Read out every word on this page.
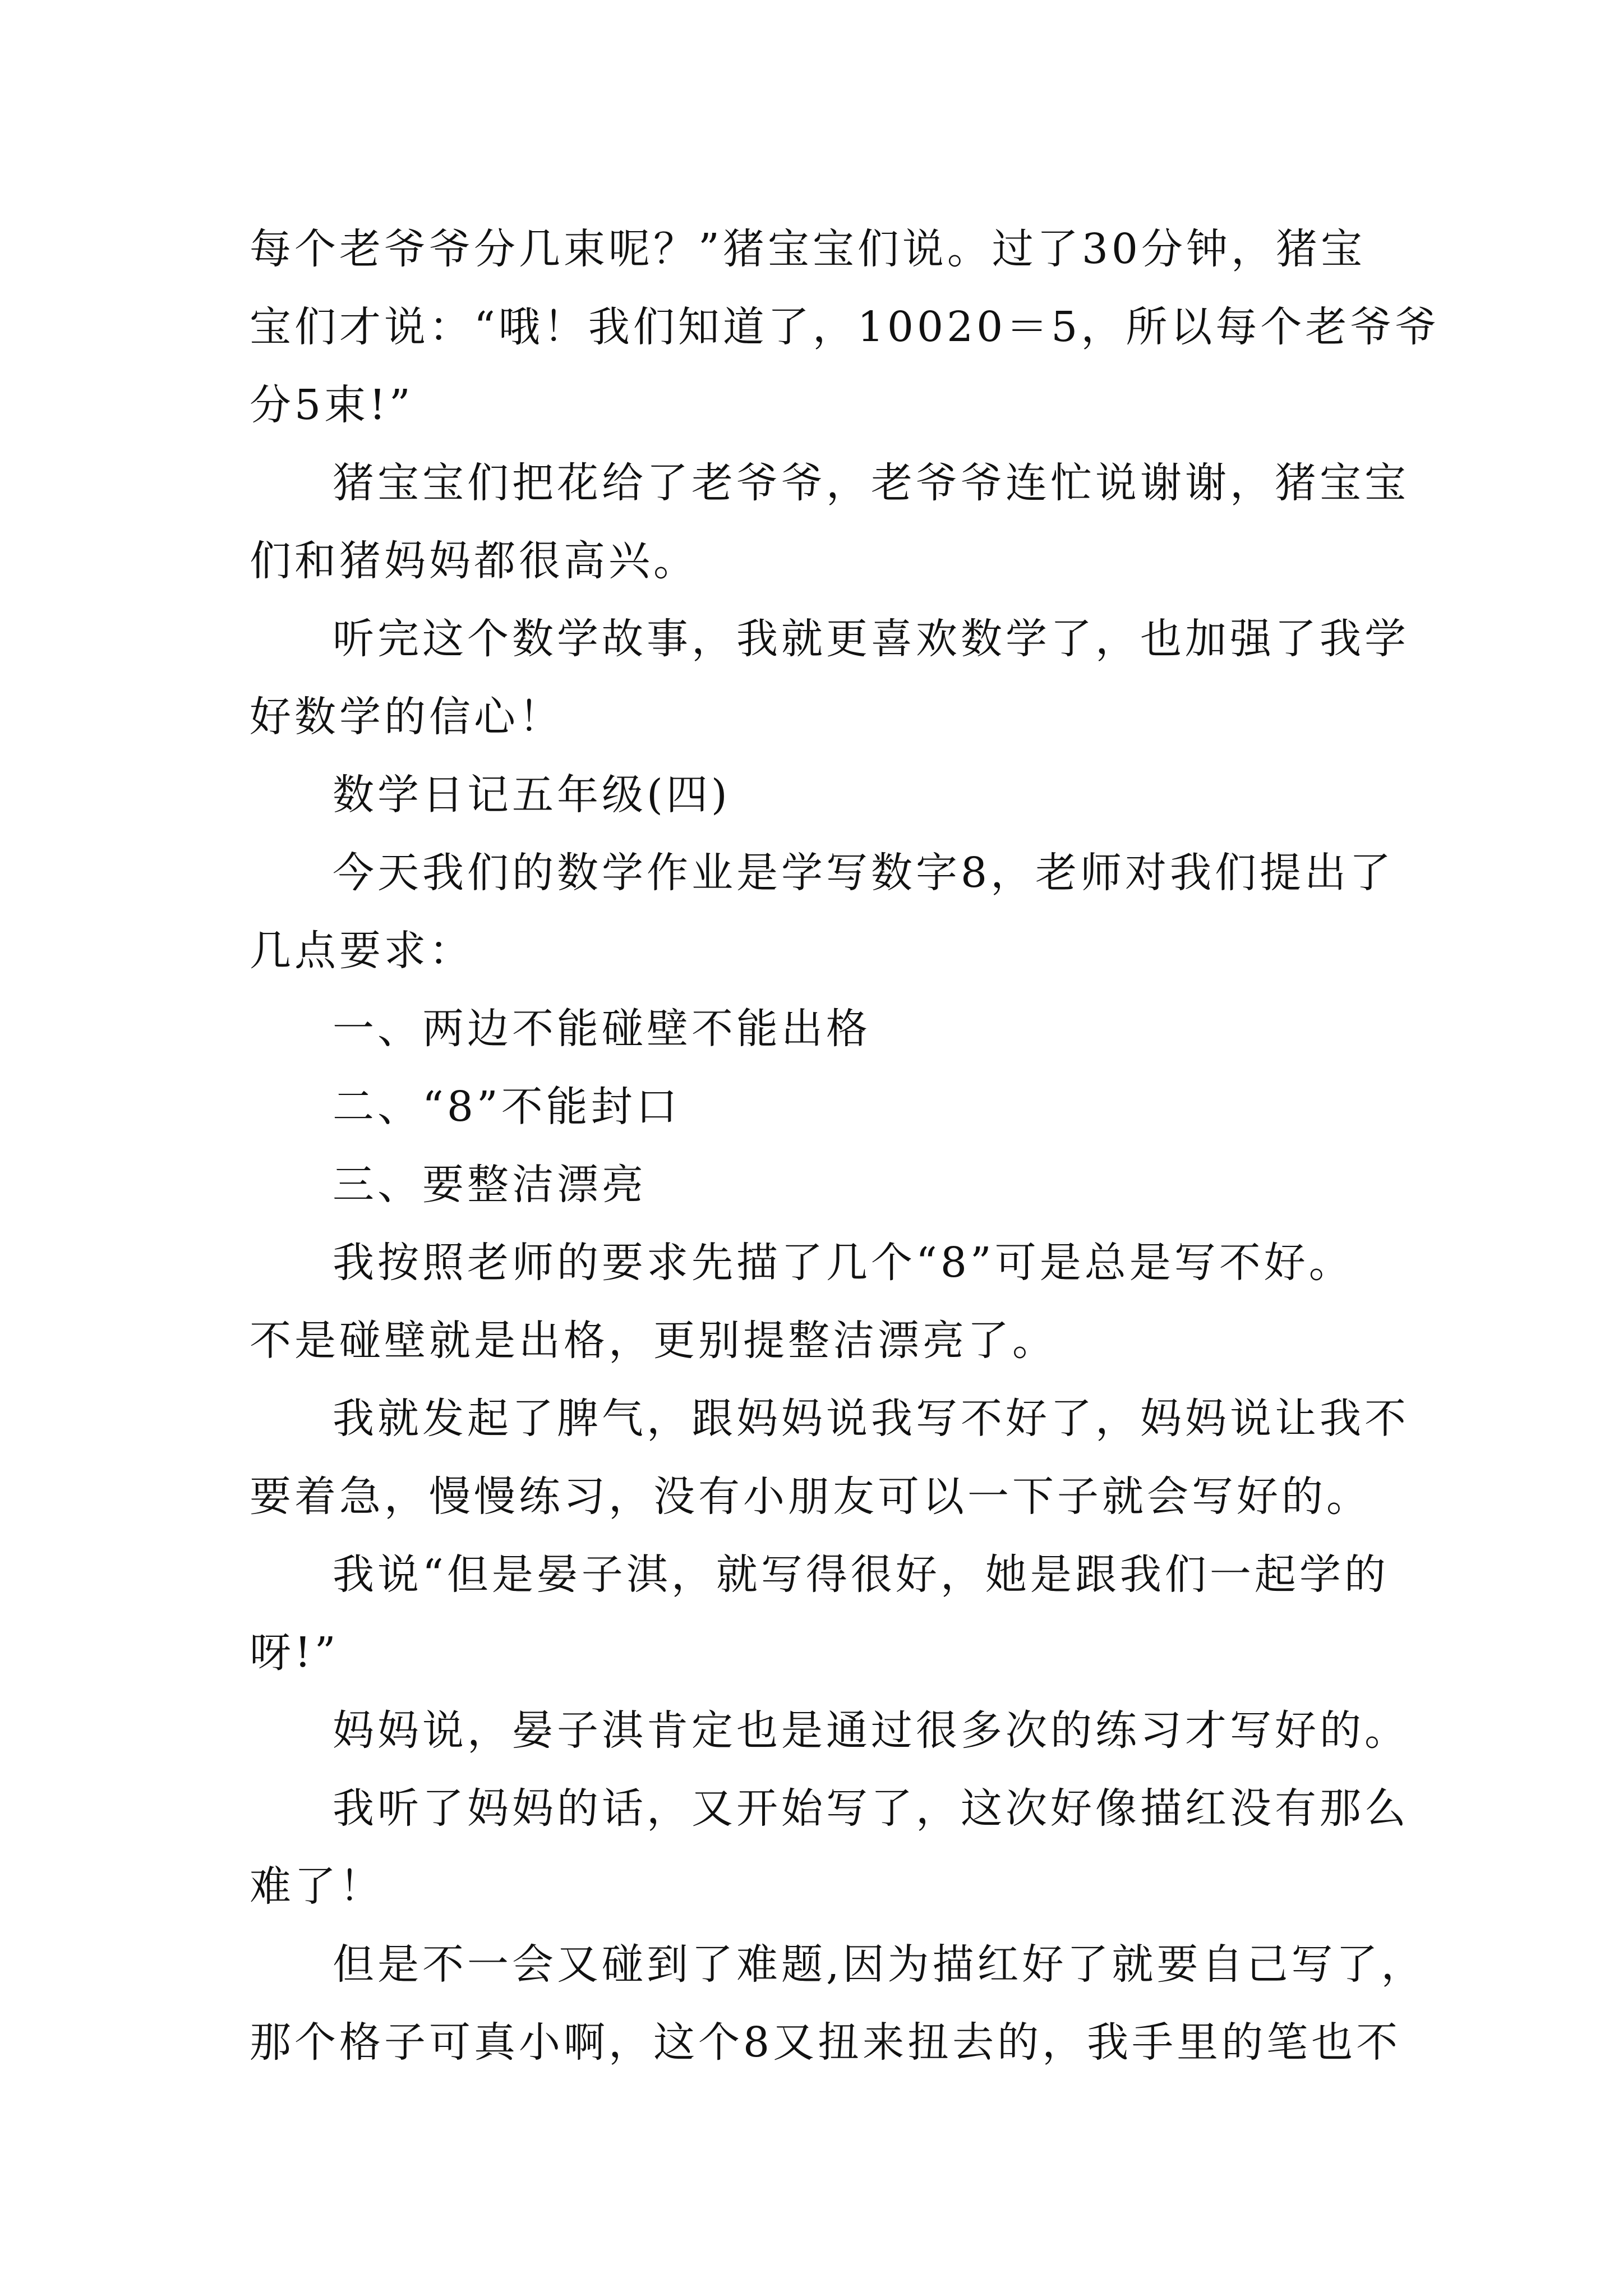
每个老爷爷分几束呢？”猪宝宝们说。过了30分钟，猪宝
宝们才说：“哦！我们知道了，10020＝5，所以每个老爷爷
分5束!”
猪宝宝们把花给了老爷爷，老爷爷连忙说谢谢，猪宝宝
们和猪妈妈都很高兴。
听完这个数学故事，我就更喜欢数学了，也加强了我学
好数学的信心！
数学日记五年级(四)
今天我们的数学作业是学写数字8，老师对我们提出了
几点要求：
一、两边不能碰壁不能出格
二、“8”不能封口
三、要整洁漂亮
我按照老师的要求先描了几个“8”可是总是写不好。
不是碰壁就是出格，更别提整洁漂亮了。
我就发起了脾气，跟妈妈说我写不好了，妈妈说让我不
要着急，慢慢练习，没有小朋友可以一下子就会写好的。
我说“但是晏子淇，就写得很好，她是跟我们一起学的
呀!”
妈妈说，晏子淇肯定也是通过很多次的练习才写好的。
我听了妈妈的话，又开始写了，这次好像描红没有那么
难了！
但是不一会又碰到了难题,因为描红好了就要自己写了，
那个格子可真小啊，这个8又扭来扭去的，我手里的笔也不
